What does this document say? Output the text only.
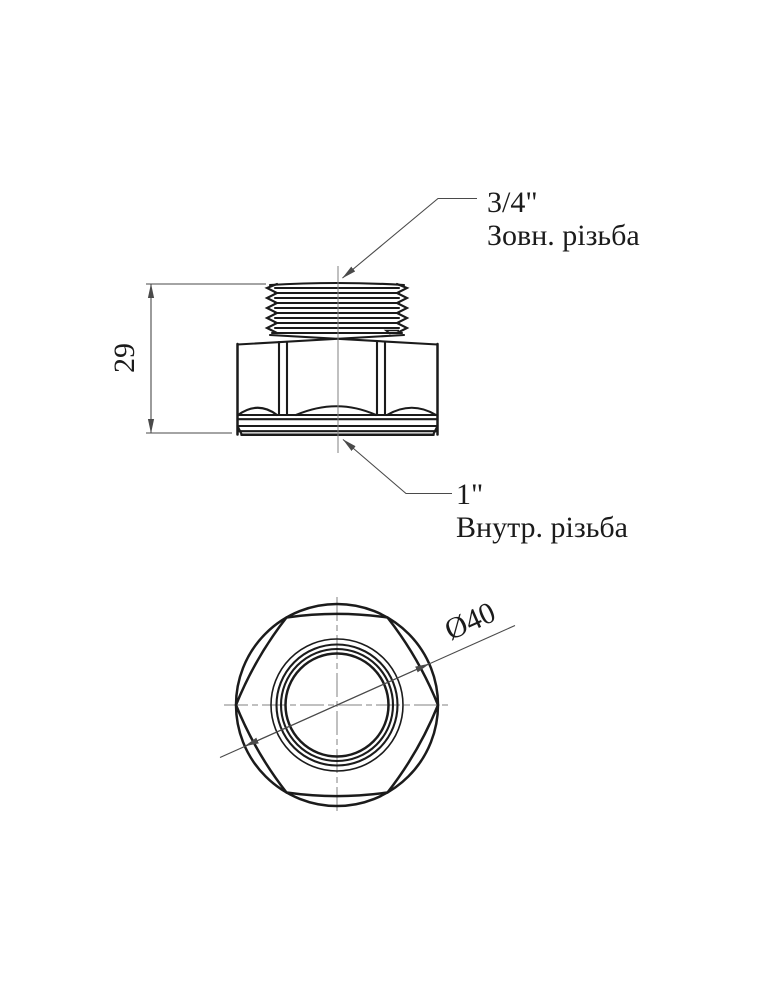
29
3/4"
Зовн. різьба
1"
Внутр. різьба
Ø40
